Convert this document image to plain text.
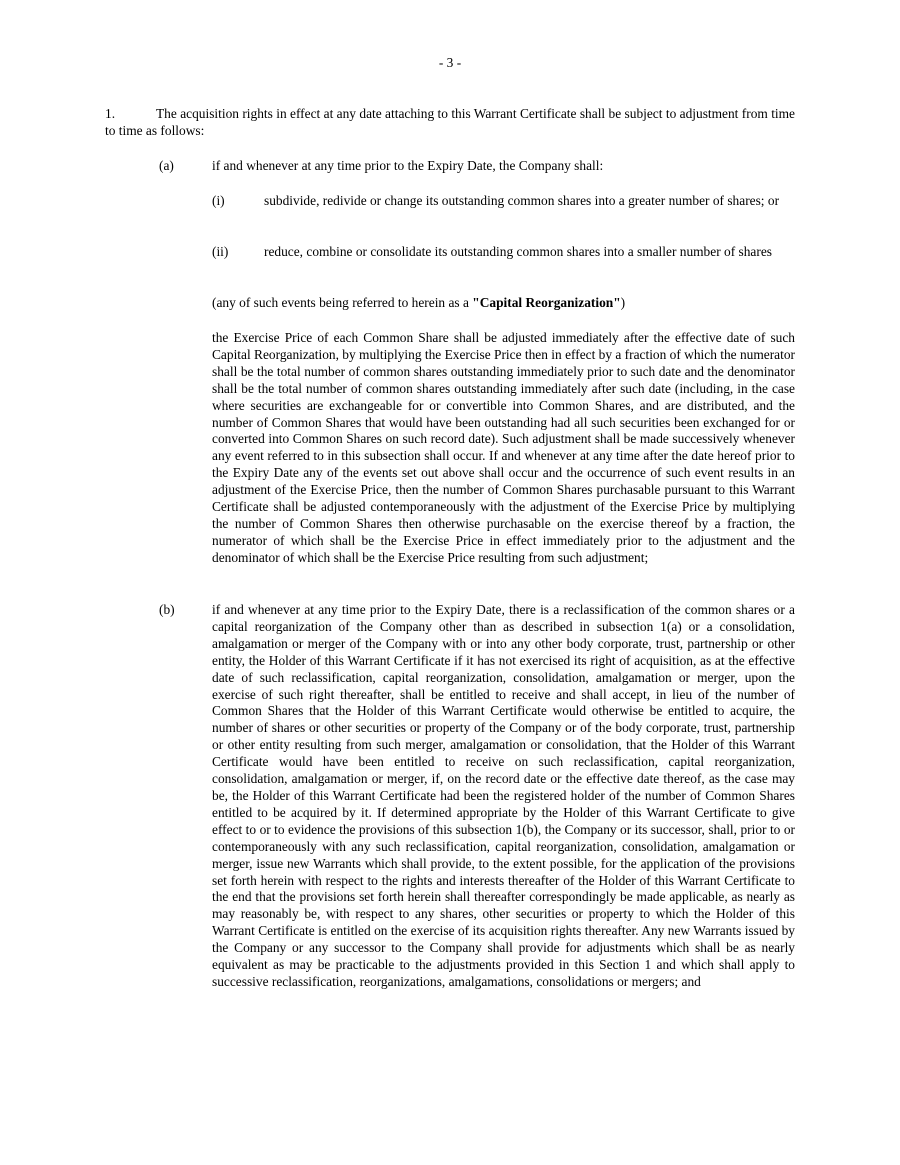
- 3 -
1.	The acquisition rights in effect at any date attaching to this Warrant Certificate shall be subject to adjustment from time to time as follows:
(a)	if and whenever at any time prior to the Expiry Date, the Company shall:
(i)	subdivide, redivide or change its outstanding common shares into a greater number of shares; or
(ii)	reduce, combine or consolidate its outstanding common shares into a smaller number of shares
(any of such events being referred to herein as a "Capital Reorganization")
the Exercise Price of each Common Share shall be adjusted immediately after the effective date of such Capital Reorganization, by multiplying the Exercise Price then in effect by a fraction of which the numerator shall be the total number of common shares outstanding immediately prior to such date and the denominator shall be the total number of common shares outstanding immediately after such date (including, in the case where securities are exchangeable for or convertible into Common Shares, and are distributed, and the number of Common Shares that would have been outstanding had all such securities been exchanged for or converted into Common Shares on such record date). Such adjustment shall be made successively whenever any event referred to in this subsection shall occur. If and whenever at any time after the date hereof prior to the Expiry Date any of the events set out above shall occur and the occurrence of such event results in an adjustment of the Exercise Price, then the number of Common Shares purchasable pursuant to this Warrant Certificate shall be adjusted contemporaneously with the adjustment of the Exercise Price by multiplying the number of Common Shares then otherwise purchasable on the exercise thereof by a fraction, the numerator of which shall be the Exercise Price in effect immediately prior to the adjustment and the denominator of which shall be the Exercise Price resulting from such adjustment;
(b)	if and whenever at any time prior to the Expiry Date, there is a reclassification of the common shares or a capital reorganization of the Company other than as described in subsection 1(a) or a consolidation, amalgamation or merger of the Company with or into any other body corporate, trust, partnership or other entity, the Holder of this Warrant Certificate if it has not exercised its right of acquisition, as at the effective date of such reclassification, capital reorganization, consolidation, amalgamation or merger, upon the exercise of such right thereafter, shall be entitled to receive and shall accept, in lieu of the number of Common Shares that the Holder of this Warrant Certificate would otherwise be entitled to acquire, the number of shares or other securities or property of the Company or of the body corporate, trust, partnership or other entity resulting from such merger, amalgamation or consolidation, that the Holder of this Warrant Certificate would have been entitled to receive on such reclassification, capital reorganization, consolidation, amalgamation or merger, if, on the record date or the effective date thereof, as the case may be, the Holder of this Warrant Certificate had been the registered holder of the number of Common Shares entitled to be acquired by it. If determined appropriate by the Holder of this Warrant Certificate to give effect to or to evidence the provisions of this subsection 1(b), the Company or its successor, shall, prior to or contemporaneously with any such reclassification, capital reorganization, consolidation, amalgamation or merger, issue new Warrants which shall provide, to the extent possible, for the application of the provisions set forth herein with respect to the rights and interests thereafter of the Holder of this Warrant Certificate to the end that the provisions set forth herein shall thereafter correspondingly be made applicable, as nearly as may reasonably be, with respect to any shares, other securities or property to which the Holder of this Warrant Certificate is entitled on the exercise of its acquisition rights thereafter. Any new Warrants issued by the Company or any successor to the Company shall provide for adjustments which shall be as nearly equivalent as may be practicable to the adjustments provided in this Section 1 and which shall apply to successive reclassification, reorganizations, amalgamations, consolidations or mergers; and
